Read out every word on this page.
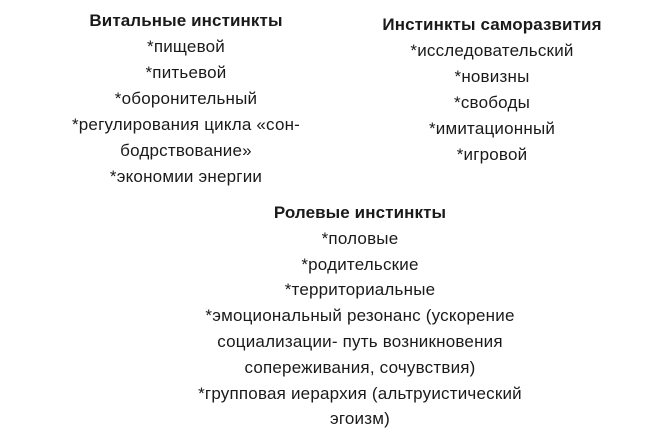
Витальные инстинкты
*пищевой
*питьевой
*оборонительный
*регулирования цикла «сон-
бодрствование»
*экономии энергии
Инстинкты саморазвития
*исследовательский
*новизны
*свободы
*имитационный
*игровой
Ролевые инстинкты
*половые
*родительские
*территориальные
*эмоциональный резонанс (ускорение
социализации- путь возникновения
сопереживания, сочувствия)
*групповая иерархия (альтруистический
эгоизм)
